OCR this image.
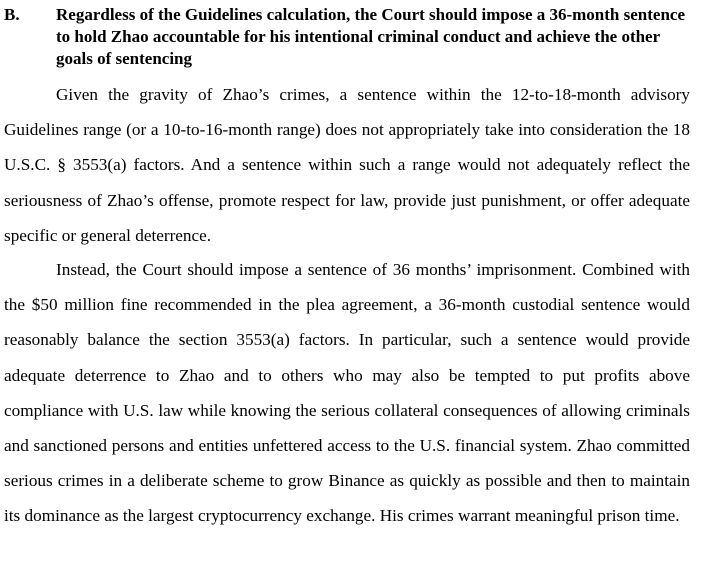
B.	Regardless of the Guidelines calculation, the Court should impose a 36-month sentence to hold Zhao accountable for his intentional criminal conduct and achieve the other goals of sentencing

Given the gravity of Zhao’s crimes, a sentence within the 12-to-18-month advisory Guidelines range (or a 10-to-16-month range) does not appropriately take into consideration the 18 U.S.C. § 3553(a) factors. And a sentence within such a range would not adequately reflect the seriousness of Zhao’s offense, promote respect for law, provide just punishment, or offer adequate specific or general deterrence.

Instead, the Court should impose a sentence of 36 months’ imprisonment. Combined with the $50 million fine recommended in the plea agreement, a 36-month custodial sentence would reasonably balance the section 3553(a) factors. In particular, such a sentence would provide adequate deterrence to Zhao and to others who may also be tempted to put profits above compliance with U.S. law while knowing the serious collateral consequences of allowing criminals and sanctioned persons and entities unfettered access to the U.S. financial system. Zhao committed serious crimes in a deliberate scheme to grow Binance as quickly as possible and then to maintain its dominance as the largest cryptocurrency exchange. His crimes warrant meaningful prison time.
